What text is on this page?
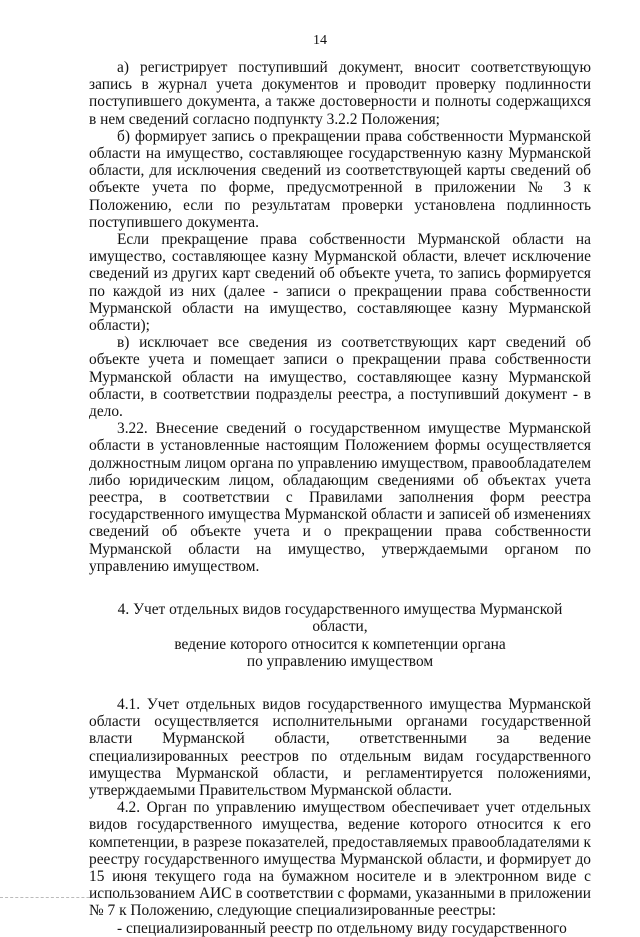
14

а) регистрирует поступивший документ, вносит соответствующую запись в журнал учета документов и проводит проверку подлинности поступившего документа, а также достоверности и полноты содержащихся в нем сведений согласно подпункту 3.2.2 Положения;

б) формирует запись о прекращении права собственности Мурманской области на имущество, составляющее государственную казну Мурманской области, для исключения сведений из соответствующей карты сведений об объекте учета по форме, предусмотренной в приложении № 3 к Положению, если по результатам проверки установлена подлинность поступившего документа.

Если прекращение права собственности Мурманской области на имущество, составляющее казну Мурманской области, влечет исключение сведений из других карт сведений об объекте учета, то запись формируется по каждой из них (далее - записи о прекращении права собственности Мурманской области на имущество, составляющее казну Мурманской области);

в) исключает все сведения из соответствующих карт сведений об объекте учета и помещает записи о прекращении права собственности Мурманской области на имущество, составляющее казну Мурманской области, в соответствии подразделы реестра, а поступивший документ - в дело.

3.22. Внесение сведений о государственном имуществе Мурманской области в установленные настоящим Положением формы осуществляется должностным лицом органа по управлению имуществом, правообладателем либо юридическим лицом, обладающим сведениями об объектах учета реестра, в соответствии с Правилами заполнения форм реестра государственного имущества Мурманской области и записей об изменениях сведений об объекте учета и о прекращении права собственности Мурманской области на имущество, утверждаемыми органом по управлению имуществом.

4. Учет отдельных видов государственного имущества Мурманской области,

ведение которого относится к компетенции органа

по управлению имуществом

4.1. Учет отдельных видов государственного имущества Мурманской области осуществляется исполнительными органами государственной власти Мурманской области, ответственными за ведение специализированных реестров по отдельным видам государственного имущества Мурманской области, и регламентируется положениями, утверждаемыми Правительством Мурманской области.

4.2. Орган по управлению имуществом обеспечивает учет отдельных видов государственного имущества, ведение которого относится к его компетенции, в разрезе показателей, предоставляемых правообладателями к реестру государственного имущества Мурманской области, и формирует до 15 июня текущего года на бумажном носителе и в электронном виде с использованием АИС в соответствии с формами, указанными в приложении № 7 к Положению, следующие специализированные реестры:

- специализированный реестр по отдельному виду государственного
